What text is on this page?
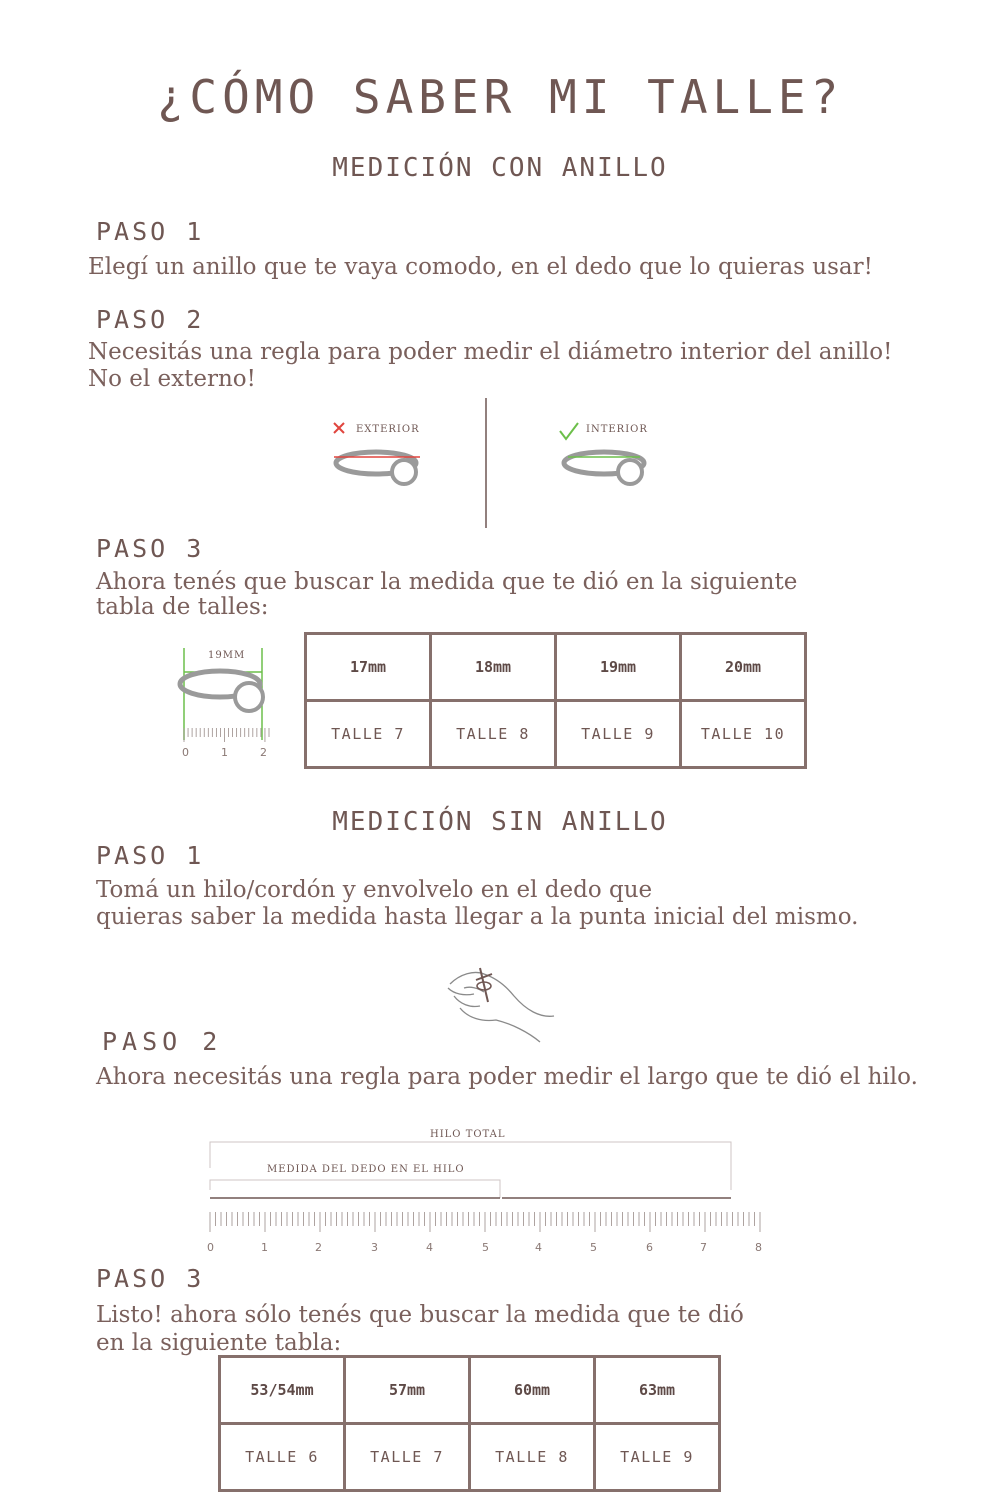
¿CÓMO SABER MI TALLE?
MEDICIÓN CON ANILLO
PASO 1
Elegí un anillo que te vaya comodo, en el dedo que lo quieras usar!
PASO 2
Necesitás una regla para poder medir el diámetro interior del anillo!
No el externo!
EXTERIOR	INTERIOR
PASO 3
Ahora tenés que buscar la medida que te dió en la siguiente
tabla de talles:
19MM
0	1	2
17mm	18mm	19mm	20mm
TALLE 7	TALLE 8	TALLE 9	TALLE 10
MEDICIÓN SIN ANILLO
PASO 1
Tomá un hilo/cordón y envolvelo en el dedo que
quieras saber la medida hasta llegar a la punta inicial del mismo.
PASO 2
Ahora necesitás una regla para poder medir el largo que te dió el hilo.
HILO TOTAL
MEDIDA DEL DEDO EN EL HILO
0	1	2	3	4	5	4	5	6	7	8
PASO 3
Listo! ahora sólo tenés que buscar la medida que te dió
en la siguiente tabla:
53/54mm	57mm	60mm	63mm
TALLE 6	TALLE 7	TALLE 8	TALLE 9
